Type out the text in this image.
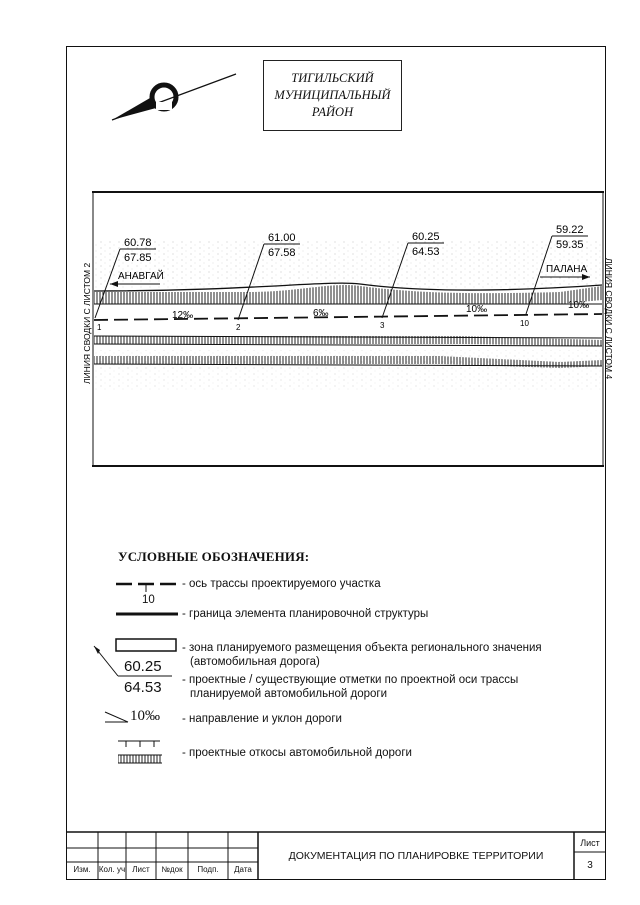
ТИГИЛЬСКИЙ
МУНИЦИПАЛЬНЫЙ
РАЙОН
ЛИНИЯ СВОДКИ С ЛИСТОМ 2	ЛИНИЯ СВОДКИ С ЛИСТОМ 4
АНАВГАЙ
ПАЛАНА
60.78
67.85
61.00
67.58
60.25
64.53
59.22
59.35
12‰	6‰	10‰	10‰
1	2	3	10
УСЛОВНЫЕ ОБОЗНАЧЕНИЯ:
- ось трассы проектируемого участка
10
- граница элемента планировочной структуры
- зона планируемого размещения объекта регионального значения
(автомобильная дорога)
60.25
64.53 - проектные / существующие отметки по проектной оси трассы
планируемой автомобильной дороги
10‰ - направление и уклон дороги
- проектные откосы автомобильной дороги
Изм.	Кол. уч Лист	№док	Подп.	Дата
ДОКУМЕНТАЦИЯ ПО ПЛАНИРОВКЕ ТЕРРИТОРИИ
Лист
3
